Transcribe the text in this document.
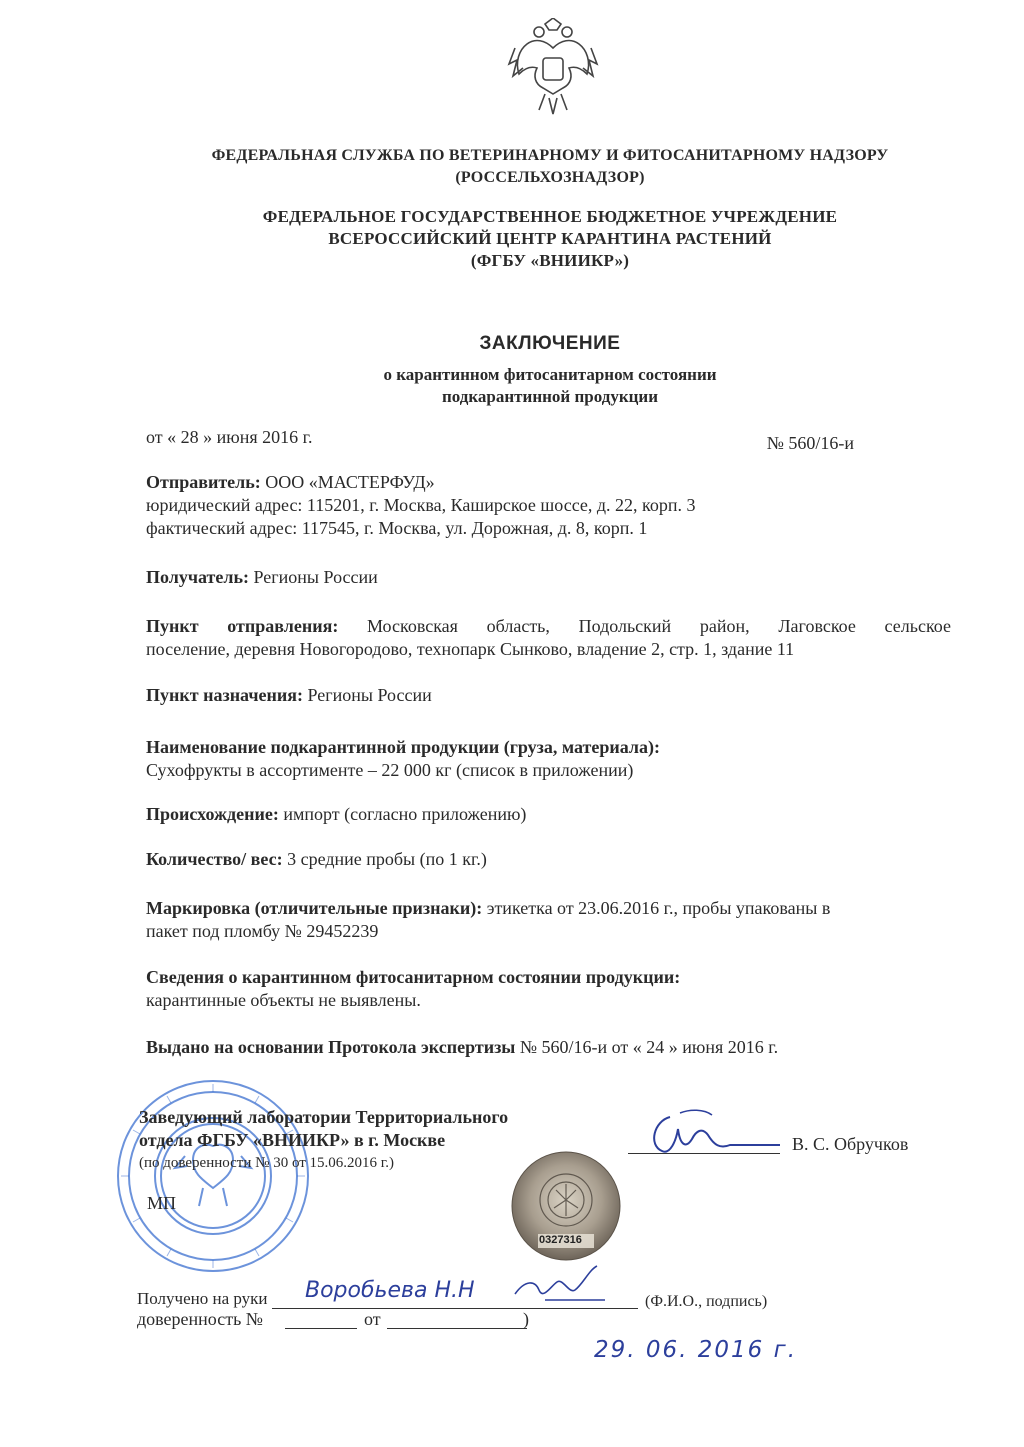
ФЕДЕРАЛЬНАЯ СЛУЖБА ПО ВЕТЕРИНАРНОМУ И ФИТОСАНИТАРНОМУ НАДЗОРУ
(РОССЕЛЬХОЗНАДЗОР)
ФЕДЕРАЛЬНОЕ ГОСУДАРСТВЕННОЕ БЮДЖЕТНОЕ УЧРЕЖДЕНИЕ
ВСЕРОССИЙСКИЙ ЦЕНТР КАРАНТИНА РАСТЕНИЙ
(ФГБУ «ВНИИКР»)
ЗАКЛЮЧЕНИЕ
о карантинном фитосанитарном состоянии
подкарантинной продукции
от « 28 » июня 2016 г.	№ 560/16-и
Отправитель: ООО «МАСТЕРФУД»
юридический адрес: 115201, г. Москва, Каширское шоссе, д. 22, корп. 3
фактический адрес: 117545, г. Москва, ул. Дорожная, д. 8, корп. 1
Получатель: Регионы России
Пункт отправления: Московская область, Подольский район, Лаговское сельское
поселение, деревня Новогородово, технопарк Сынково, владение 2, стр. 1, здание 11
Пункт назначения: Регионы России
Наименование подкарантинной продукции (груза, материала):
Сухофрукты в ассортименте – 22 000 кг (список в приложении)
Происхождение: импорт (согласно приложению)
Количество/ вес: 3 средние пробы (по 1 кг.)
Маркировка (отличительные признаки): этикетка от 23.06.2016 г., пробы упакованы в
пакет под пломбу № 29452239
Сведения о карантинном фитосанитарном состоянии продукции:
карантинные объекты не выявлены.
Выдано на основании Протокола экспертизы № 560/16-и от « 24 » июня 2016 г.
0327316
Заведующий лаборатории Территориального
отдела ФГБУ «ВНИИКР» в г. Москве
(по доверенности № 30 от 15.06.2016 г.)
МП
В. С. Обручков
Получено на руки Воробьева Н.Н	(Ф.И.О., подпись)
доверенность №	от	)
29. 06. 2016 г.
